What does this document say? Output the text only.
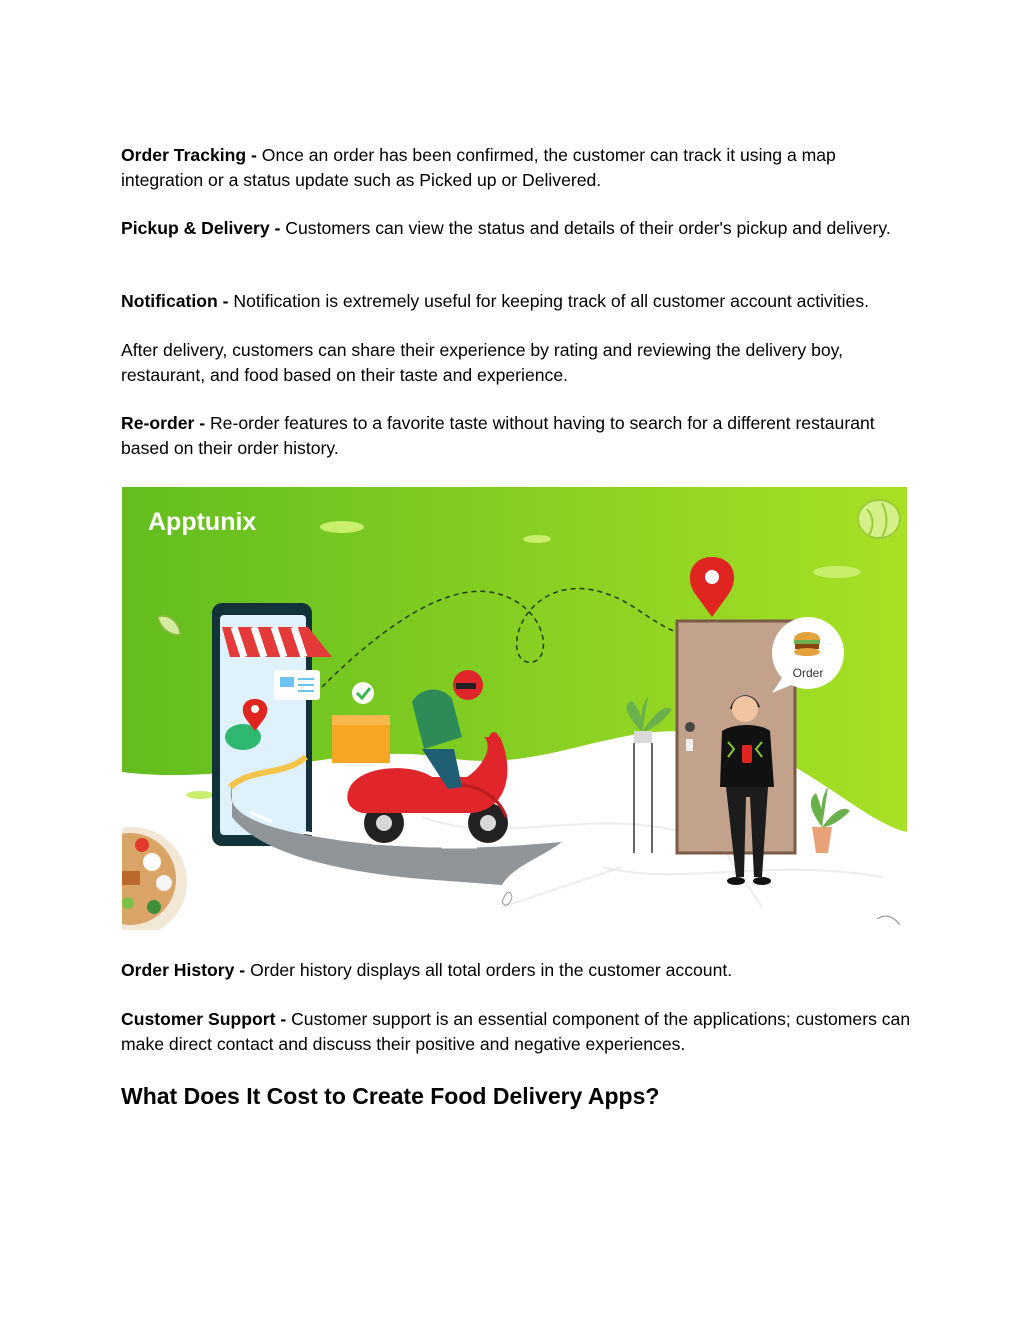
Order Tracking - Once an order has been confirmed, the customer can track it using a map integration or a status update such as Picked up or Delivered.

Pickup & Delivery - Customers can view the status and details of their order's pickup and delivery.

Notification - Notification is extremely useful for keeping track of all customer account activities.

After delivery, customers can share their experience by rating and reviewing the delivery boy, restaurant, and food based on their taste and experience.

Re-order - Re-order features to a favorite taste without having to search for a different restaurant based on their order history.

Apptunix
Order

Order History - Order history displays all total orders in the customer account.

Customer Support - Customer support is an essential component of the applications; customers can make direct contact and discuss their positive and negative experiences.

What Does It Cost to Create Food Delivery Apps?
